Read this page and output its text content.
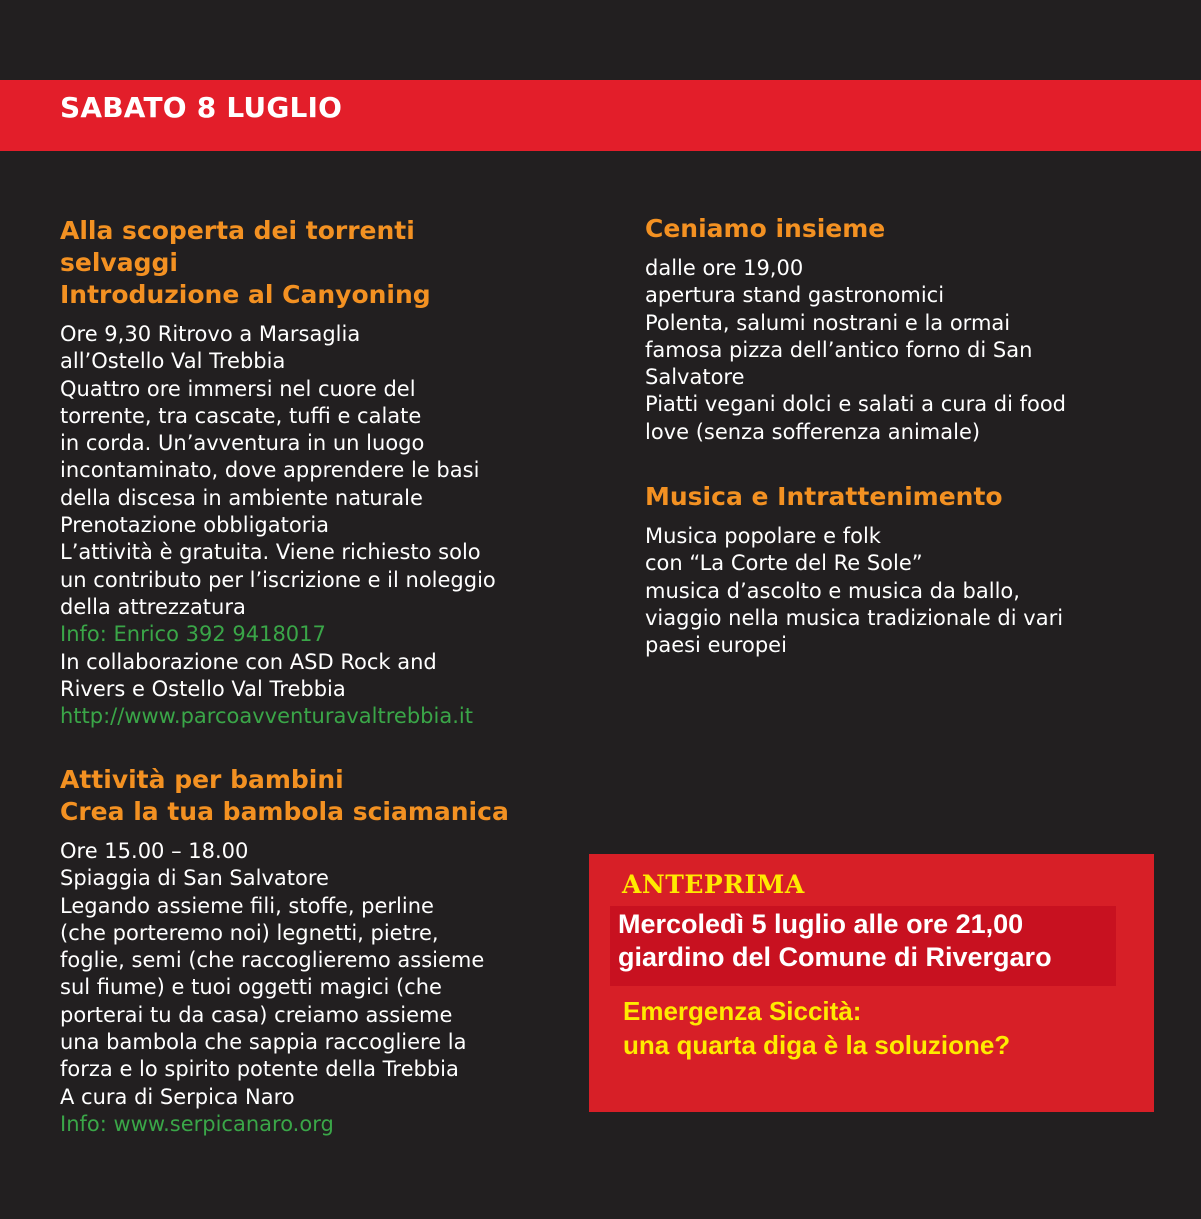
SABATO 8 LUGLIO
Alla scoperta dei torrenti
selvaggi
Introduzione al Canyoning
Ore 9,30 Ritrovo a Marsaglia
all’Ostello Val Trebbia
Quattro ore immersi nel cuore del
torrente, tra cascate, tuffi e calate
in corda. Un’avventura in un luogo
incontaminato, dove apprendere le basi
della discesa in ambiente naturale
Prenotazione obbligatoria
L’attività è gratuita. Viene richiesto solo
un contributo per l’iscrizione e il noleggio
della attrezzatura
Info: Enrico 392 9418017
In collaborazione con ASD Rock and
Rivers e Ostello Val Trebbia
http://www.parcoavventuravaltrebbia.it
Attività per bambini
Crea la tua bambola sciamanica
Ore 15.00 – 18.00
Spiaggia di San Salvatore
Legando assieme fili, stoffe, perline
(che porteremo noi) legnetti, pietre,
foglie, semi (che raccoglieremo assieme
sul fiume) e tuoi oggetti magici (che
porterai tu da casa) creiamo assieme
una bambola che sappia raccogliere la
forza e lo spirito potente della Trebbia
A cura di Serpica Naro
Info: www.serpicanaro.org
Ceniamo insieme
dalle ore 19,00
apertura stand gastronomici
Polenta, salumi nostrani e la ormai
famosa pizza dell’antico forno di San
Salvatore
Piatti vegani dolci e salati a cura di food
love (senza sofferenza animale)
Musica e Intrattenimento
Musica popolare e folk
con “La Corte del Re Sole”
musica d’ascolto e musica da ballo,
viaggio nella musica tradizionale di vari
paesi europei
ANTEPRIMA
Mercoledì 5 luglio alle ore 21,00
giardino del Comune di Rivergaro
Emergenza Siccità:
una quarta diga è la soluzione?
